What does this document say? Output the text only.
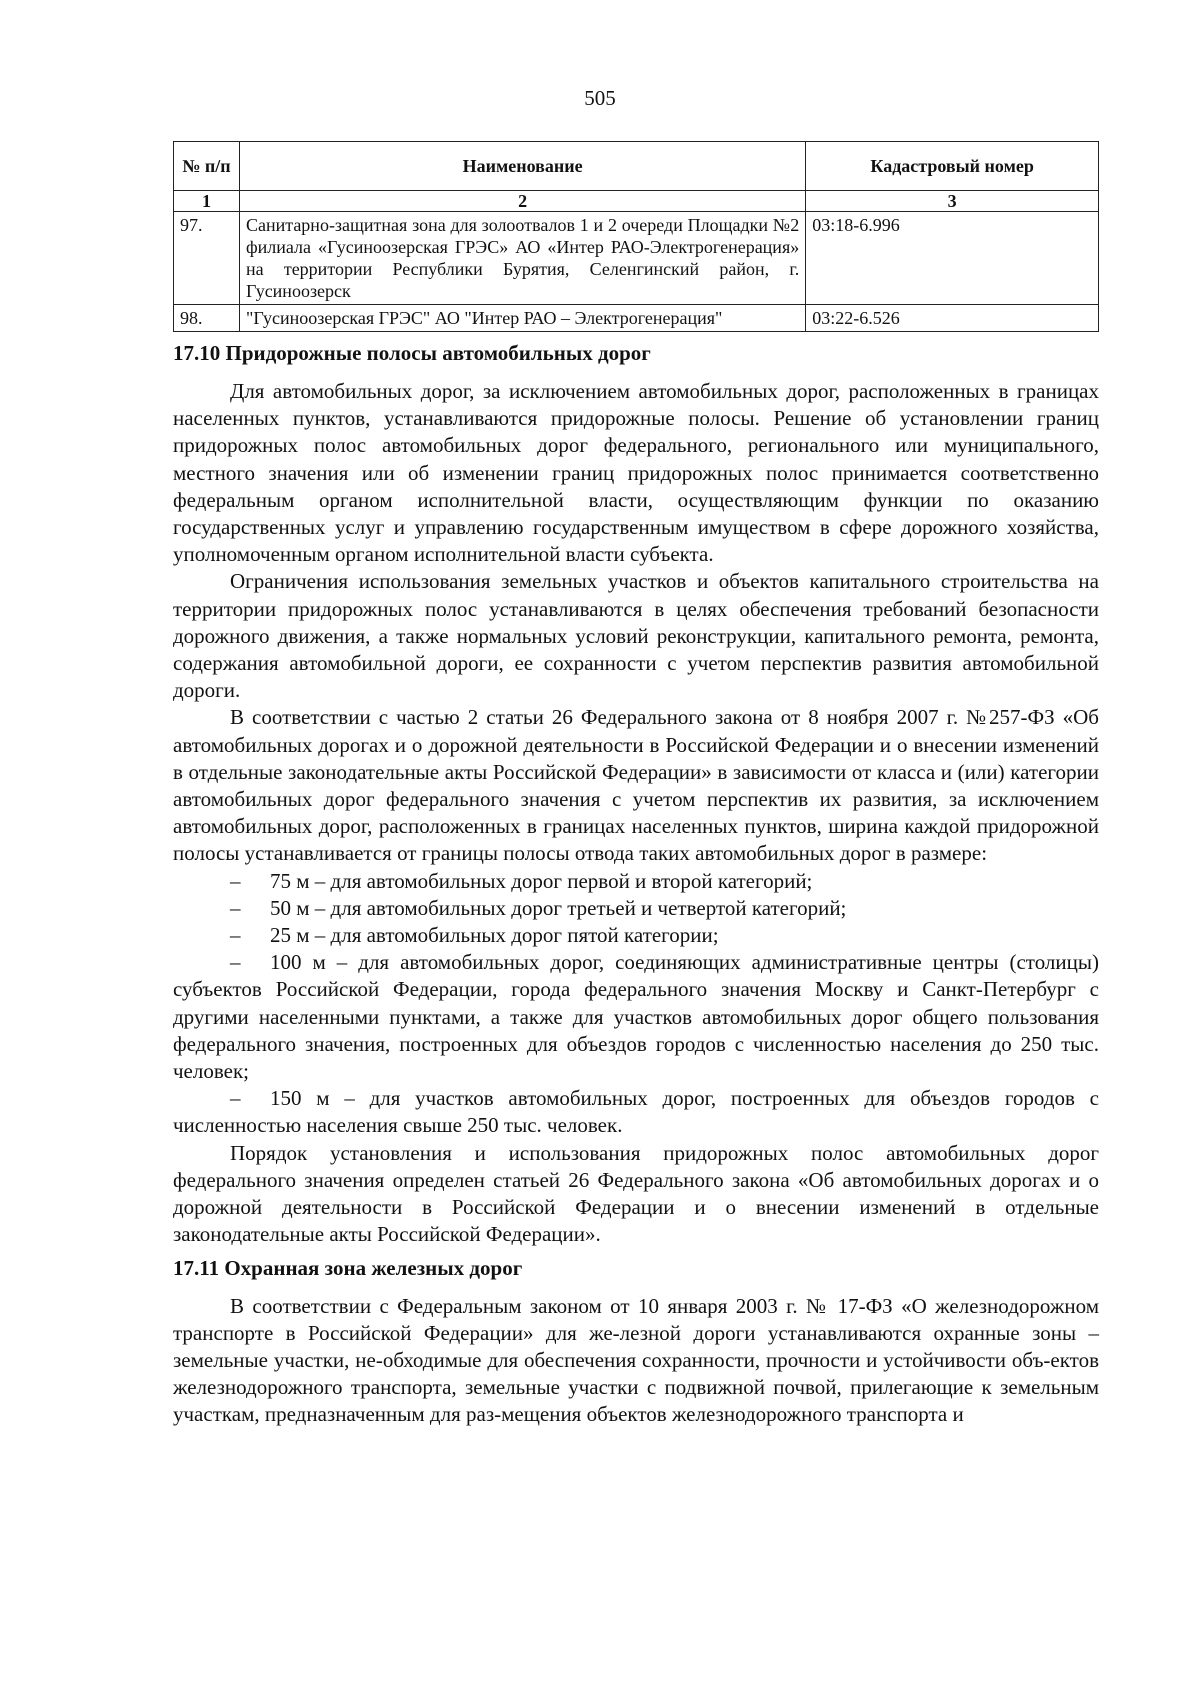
505
№ п/п	Наименование	Кадастровый номер
1	2	3
97.	Санитарно-защитная зона для золоотвалов 1 и 2 очереди Площадки №2 филиала «Гусиноозерская ГРЭС» АО «Интер РАО-Электрогенерация» на территории Республики Бурятия, Селенгинский район, г. Гусиноозерск	03:18-6.996
98.	"Гусиноозерская ГРЭС" АО "Интер РАО – Электрогенерация"	03:22-6.526
17.10 Придорожные полосы автомобильных дорог

Для автомобильных дорог, за исключением автомобильных дорог, расположенных в границах населенных пунктов, устанавливаются придорожные полосы. Решение об установлении границ придорожных полос автомобильных дорог федерального, регионального или муниципального, местного значения или об изменении границ придорожных полос принимается соответственно федеральным органом исполнительной власти, осуществляющим функции по оказанию государственных услуг и управлению государственным имуществом в сфере дорожного хозяйства, уполномоченным органом исполнительной власти субъекта.

Ограничения использования земельных участков и объектов капитального строительства на территории придорожных полос устанавливаются в целях обеспечения требований безопасности дорожного движения, а также нормальных условий реконструкции, капитального ремонта, ремонта, содержания автомобильной дороги, ее сохранности с учетом перспектив развития автомобильной дороги.

В соответствии с частью 2 статьи 26 Федерального закона от 8 ноября 2007 г. №257-ФЗ «Об автомобильных дорогах и о дорожной деятельности в Российской Федерации и о внесении изменений в отдельные законодательные акты Российской Федерации» в зависимости от класса и (или) категории автомобильных дорог федерального значения с учетом перспектив их развития, за исключением автомобильных дорог, расположенных в границах населенных пунктов, ширина каждой придорожной полосы устанавливается от границы полосы отвода таких автомобильных дорог в размере:

– 75 м – для автомобильных дорог первой и второй категорий;
– 50 м – для автомобильных дорог третьей и четвертой категорий;
– 25 м – для автомобильных дорог пятой категории;
– 100 м – для автомобильных дорог, соединяющих административные центры (столицы) субъектов Российской Федерации, города федерального значения Москву и Санкт-Петербург с другими населенными пунктами, а также для участков автомобильных дорог общего пользования федерального значения, построенных для объездов городов с численностью населения до 250 тыс. человек;
– 150 м – для участков автомобильных дорог, построенных для объездов городов с численностью населения свыше 250 тыс. человек.

Порядок установления и использования придорожных полос автомобильных дорог федерального значения определен статьей 26 Федерального закона «Об автомобильных дорогах и о дорожной деятельности в Российской Федерации и о внесении изменений в отдельные законодательные акты Российской Федерации».

17.11 Охранная зона железных дорог

В соответствии с Федеральным законом от 10 января 2003 г. № 17-ФЗ «О железнодорожном транспорте в Российской Федерации» для же-лезной дороги устанавливаются охранные зоны – земельные участки, не-обходимые для обеспечения сохранности, прочности и устойчивости объ-ектов железнодорожного транспорта, земельные участки с подвижной почвой, прилегающие к земельным участкам, предназначенным для раз-мещения объектов железнодорожного транспорта и
